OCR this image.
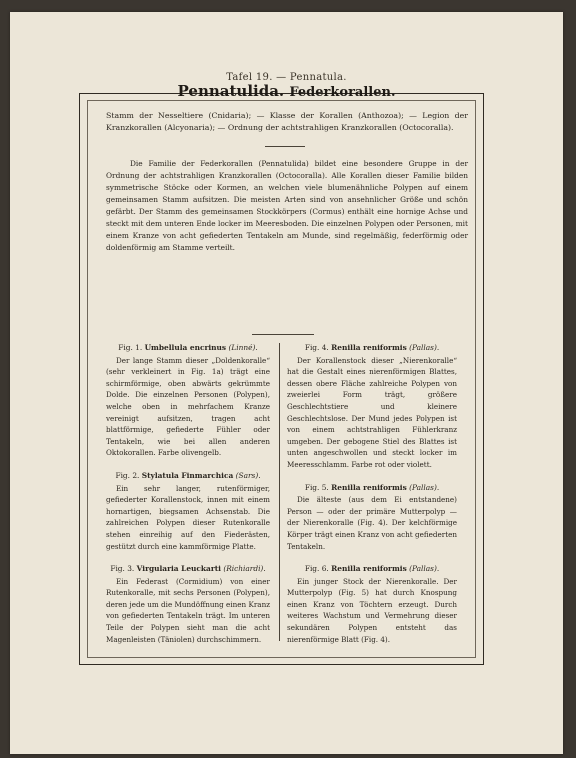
Tafel 19. — Pennatula.
Pennatulida. Federkorallen.
Stamm der Nesseltiere (Cnidaria); — Klasse der Korallen (Anthozoa); — Legion der Kranzkorallen (Alcyonaria); — Ordnung der achtstrahligen Kranzkorallen (Octocoralla).
Die Familie der Federkorallen (Pennatulida) bildet eine besondere Gruppe in der Ordnung der achtstrahligen Kranzkorallen (Octocoralla). Alle Korallen dieser Familie bilden symmetrische Stöcke oder Kormen, an welchen viele blumenähnliche Polypen auf einem gemeinsamen Stamm aufsitzen. Die meisten Arten sind von ansehnlicher Größe und schön gefärbt. Der Stamm des gemeinsamen Stockkörpers (Cormus) enthält eine hornige Achse und steckt mit dem unteren Ende locker im Meeresboden. Die einzelnen Polypen oder Personen, mit einem Kranze von acht gefiederten Tentakeln am Munde, sind regelmäßig, federförmig oder doldenförmig am Stamme verteilt.
Fig. 1. Umbellula encrinus (Linné).
Der lange Stamm dieser „Doldenkoralle“ (sehr verkleinert in Fig. 1a) trägt eine schirmförmige, oben abwärts gekrümmte Dolde. Die einzelnen Personen (Polypen), welche oben in mehrfachem Kranze vereinigt aufsitzen, tragen acht blattförmige, gefiederte Fühler oder Tentakeln, wie bei allen anderen Oktokorallen. Farbe olivengelb.
Fig. 2. Stylatula Finmarchica (Sars).
Ein sehr langer, rutenförmiger, gefiederter Korallenstock, innen mit einem hornartigen, biegsamen Achsenstab. Die zahlreichen Polypen dieser Rutenkoralle stehen einreihig auf den Fiederästen, gestützt durch eine kammförmige Platte.
Fig. 3. Virgularia Leuckarti (Richiardi).
Ein Federast (Cormidium) von einer Rutenkoralle, mit sechs Personen (Polypen), deren jede um die Mundöffnung einen Kranz von gefiederten Tentakeln trägt. Im unteren Teile der Polypen sieht man die acht Magenleisten (Täniolen) durchschimmern.
Fig. 4. Renilla reniformis (Pallas).
Der Korallenstock dieser „Nierenkoralle“ hat die Gestalt eines nierenförmigen Blattes, dessen obere Fläche zahlreiche Polypen von zweierlei Form trägt, größere Geschlechtstiere und kleinere Geschlechtslose. Der Mund jedes Polypen ist von einem achtstrahligen Fühlerkranz umgeben. Der gebogene Stiel des Blattes ist unten angeschwollen und steckt locker im Meeresschlamm. Farbe rot oder violett.
Fig. 5. Renilla reniformis (Pallas).
Die älteste (aus dem Ei entstandene) Person — oder der primäre Mutterpolyp — der Nierenkoralle (Fig. 4). Der kelchförmige Körper trägt einen Kranz von acht gefiederten Tentakeln.
Fig. 6. Renilla reniformis (Pallas).
Ein junger Stock der Nierenkoralle. Der Mutterpolyp (Fig. 5) hat durch Knospung einen Kranz von Töchtern erzeugt. Durch weiteres Wachstum und Vermehrung dieser sekundären Polypen entsteht das nierenförmige Blatt (Fig. 4).
